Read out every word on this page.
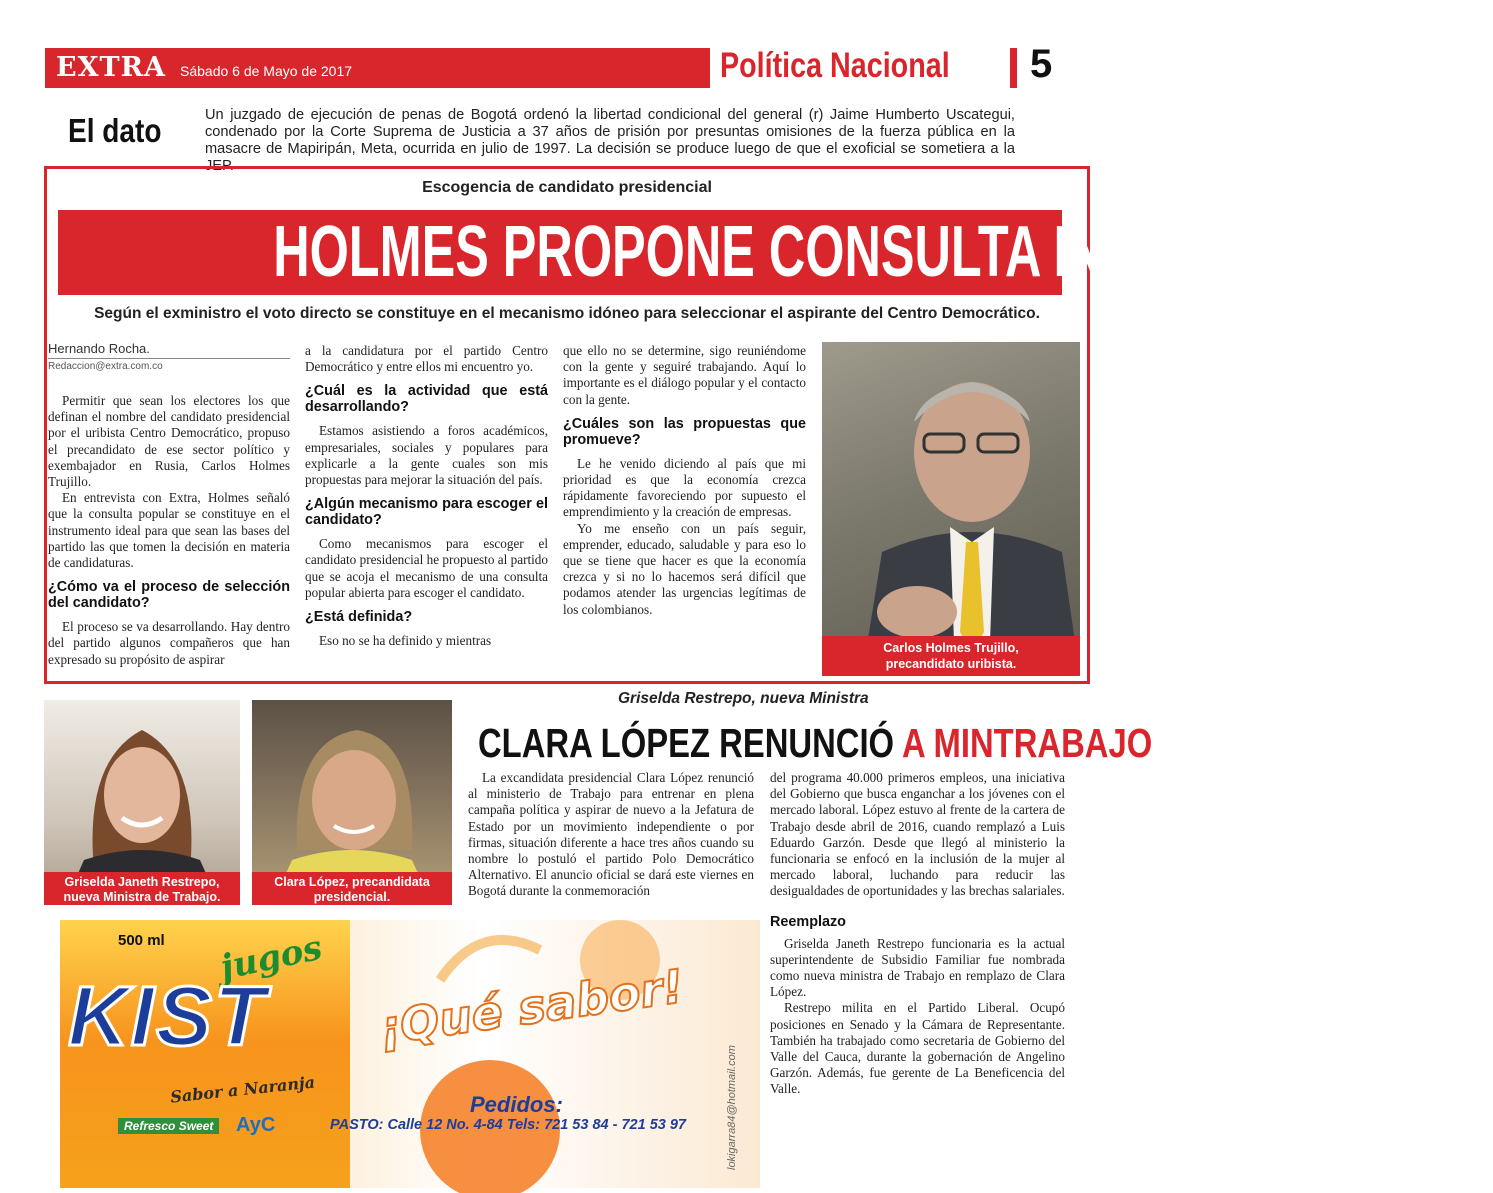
EXTRA Sábado 6 de Mayo de 2017	Política Nacional 5
El dato	Un juzgado de ejecución de penas de Bogotá ordenó la libertad condicional del general (r) Jaime Humberto Uscategui, condenado por la Corte Suprema de Justicia a 37 años de prisión por presuntas omisiones de la fuerza pública en la masacre de Mapiripán, Meta, ocurrida en julio de 1997. La decisión se produce luego de que el exoficial se sometiera a la JEP.
Escogencia de candidato presidencial
HOLMES PROPONE CONSULTA INTERNA
Según el exministro el voto directo se constituye en el mecanismo idóneo para seleccionar el aspirante del Centro Democrático.
Hernando Rocha.
Redaccion@extra.com.co

Permitir que sean los electores los que definan el nombre del candidato presidencial por el uribista Centro Democrático, propuso el precandidato de ese sector político y exembajador en Rusia, Carlos Holmes Trujillo.

En entrevista con Extra, Holmes señaló que la consulta popular se constituye en el instrumento ideal para que sean las bases del partido las que tomen la decisión en materia de candidaturas.

¿Cómo va el proceso de selección del candidato?

El proceso se va desarrollando. Hay dentro del partido algunos compañeros que han expresado su propósito de aspirar

a la candidatura por el partido Centro Democrático y entre ellos mi encuentro yo.

¿Cuál es la actividad que está desarrollando?

Estamos asistiendo a foros académicos, empresariales, sociales y populares para explicarle a la gente cuales son mis propuestas para mejorar la situación del país.

¿Algún mecanismo para escoger el candidato?

Como mecanismos para escoger el candidato presidencial he propuesto al partido que se acoja el mecanismo de una consulta popular abierta para escoger el candidato.

¿Está definida?

Eso no se ha definido y mientras

que ello no se determine, sigo reuniéndome con la gente y seguiré trabajando. Aquí lo importante es el diálogo popular y el contacto con la gente.

¿Cuáles son las propuestas que promueve?

Le he venido diciendo al país que mi prioridad es que la economía crezca rápidamente favoreciendo por supuesto el emprendimiento y la creación de empresas.

Yo me enseño con un país seguir, emprender, educado, saludable y para eso lo que se tiene que hacer es que la economía crezca y si no lo hacemos será difícil que podamos atender las urgencias legítimas de los colombianos.

Carlos Holmes Trujillo,
precandidato uribista.
Griselda Restrepo, nueva Ministra
CLARA LÓPEZ RENUNCIÓ A MINTRABAJO
Griselda Janeth Restrepo,
nueva Ministra de Trabajo.
Clara López, precandidata
presidencial.

La excandidata presidencial Clara López renunció al ministerio de Trabajo para entrenar en plena campaña política y aspirar de nuevo a la Jefatura de Estado por un movimiento independiente o por firmas, situación diferente a hace tres años cuando su nombre lo postuló el partido Polo Democrático Alternativo. El anuncio oficial se dará este viernes en Bogotá durante la conmemoración

del programa 40.000 primeros empleos, una iniciativa del Gobierno que busca enganchar a los jóvenes con el mercado laboral. López estuvo al frente de la cartera de Trabajo desde abril de 2016, cuando remplazó a Luis Eduardo Garzón. Desde que llegó al ministerio la funcionaria se enfocó en la inclusión de la mujer al mercado laboral, luchando para reducir las desigualdades de oportunidades y las brechas salariales.

Reemplazo

Griselda Janeth Restrepo funcionaria es la actual superintendente de Subsidio Familiar fue nombrada como nueva ministra de Trabajo en remplazo de Clara López.

Restrepo milita en el Partido Liberal. Ocupó posiciones en Senado y la Cámara de Representante. También ha trabajado como secretaria de Gobierno del Valle del Cauca, durante la gobernación de Angelino Garzón. Además, fue gerente de La Beneficencia del Valle.

500 ml jugos
KIST
Sabor a Naranja
Refresco Sweet	AyC
¡Qué sabor!
Pedidos:
PASTO: Calle 12 No. 4-84 Tels: 721 53 84 - 721 53 97	lokigarra84@hotmail.com
